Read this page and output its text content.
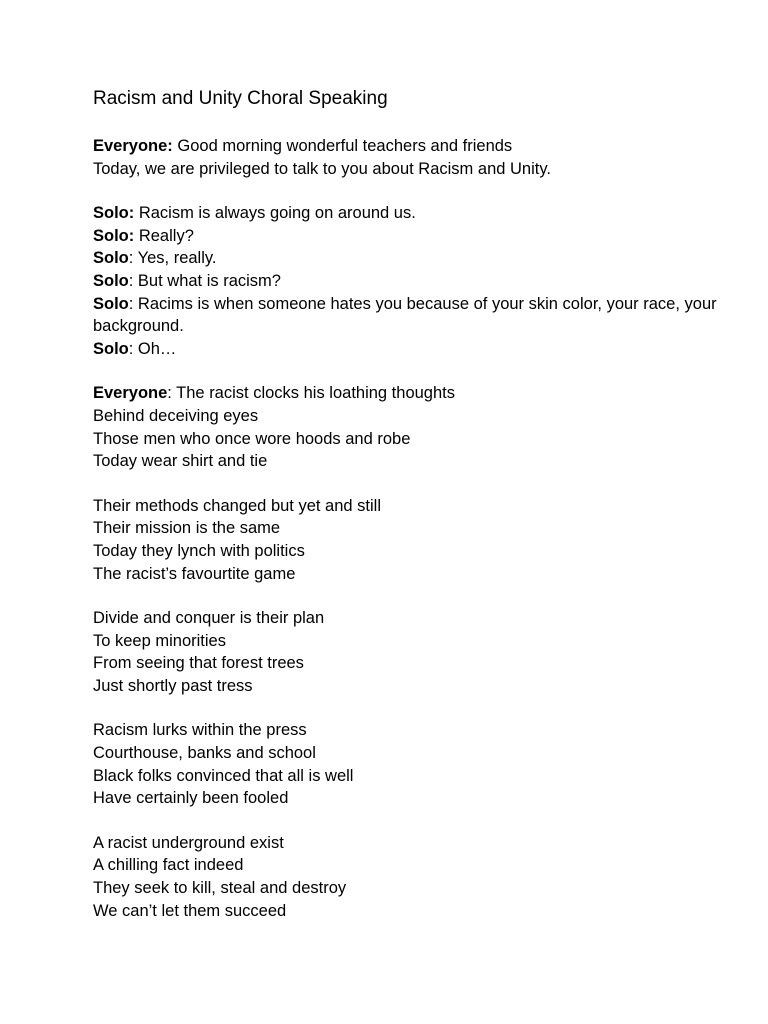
Racism and Unity Choral Speaking
Everyone: Good morning wonderful teachers and friends
Today, we are privileged to talk to you about Racism and Unity.
Solo: Racism is always going on around us.
Solo: Really?
Solo: Yes, really.
Solo: But what is racism?
Solo: Racims is when someone hates you because of your skin color, your race, your background.
Solo: Oh…
Everyone: The racist clocks his loathing thoughts
Behind deceiving eyes
Those men who once wore hoods and robe
Today wear shirt and tie
Their methods changed but yet and still
Their mission is the same
Today they lynch with politics
The racist’s favourtite game
Divide and conquer is their plan
To keep minorities
From seeing that forest trees
Just shortly past tress
Racism lurks within the press
Courthouse, banks and school
Black folks convinced that all is well
Have certainly been fooled
A racist underground exist
A chilling fact indeed
They seek to kill, steal and destroy
We can’t let them succeed
